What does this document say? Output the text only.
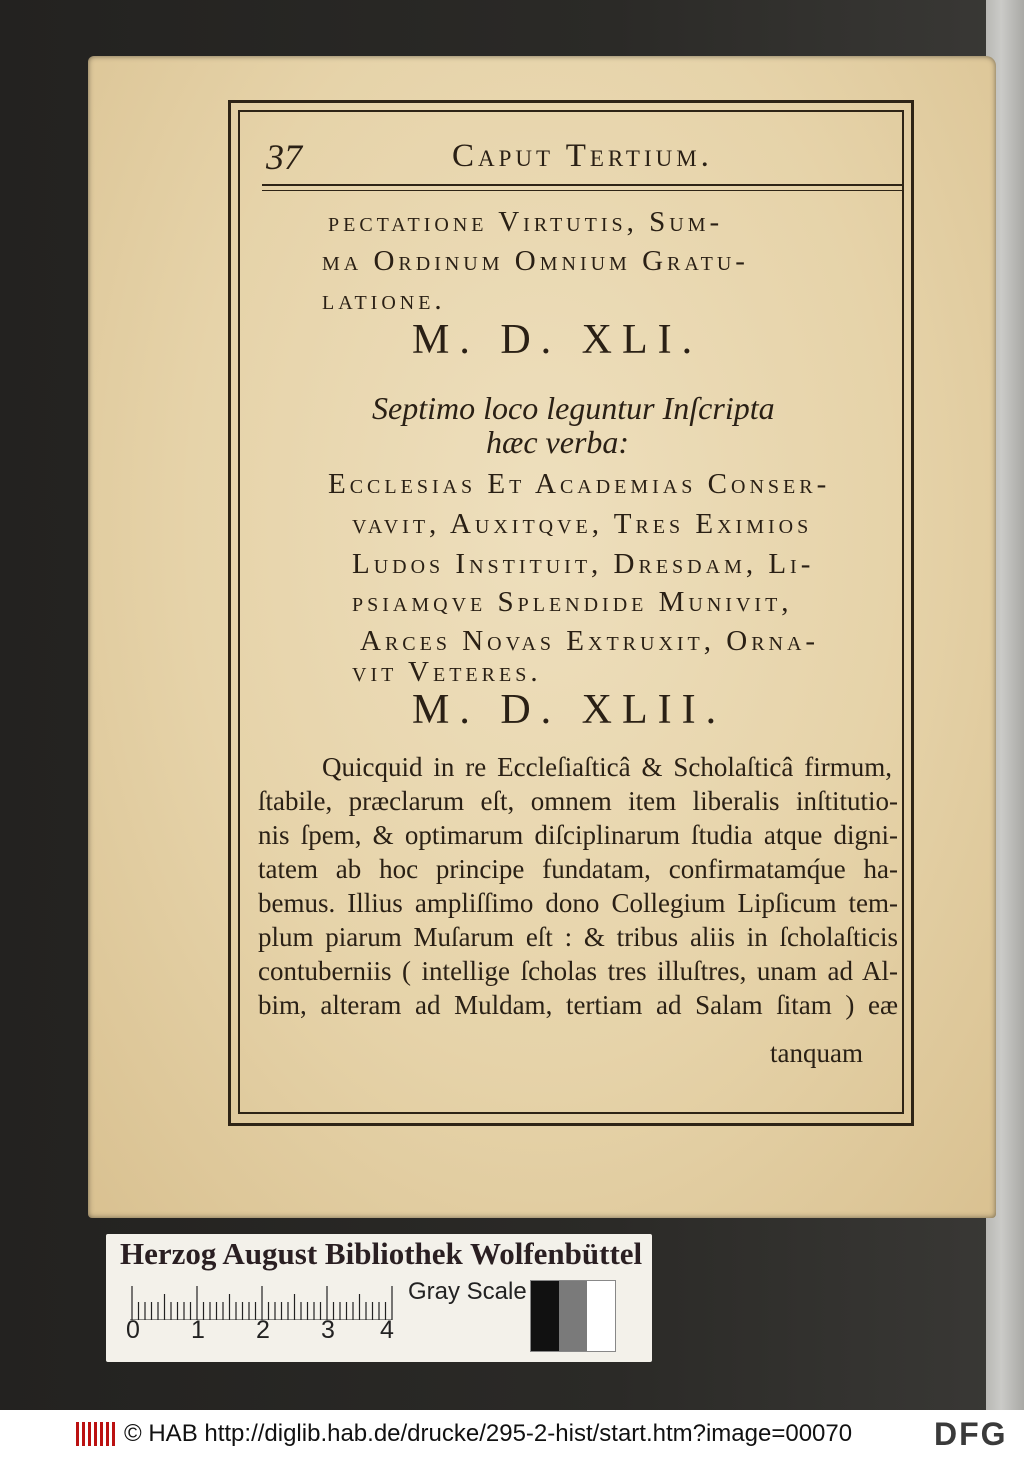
37	Caput Tertium.
pectatione Virtutis, Sum-
ma Ordinum Omnium Gratu-
latione.
M. D. XLI.
Septimo loco leguntur Inſcripta
hæc verba:
Ecclesias Et Academias Conser-
vavit, Auxitqve, Tres Eximios
Ludos Instituit, Dresdam, Li-
psiamqve Splendide Munivit,
Arces Novas Extruxit, Orna-
vit Veteres.
M. D. XLII.
Quicquid in re Eccleſiaſticâ & Scholaſticâ firmum,
ſtabile, præclarum eſt, omnem item liberalis inſtitutio-
nis ſpem, & optimarum diſciplinarum ſtudia atque digni-
tatem ab hoc principe fundatam, confirmatamq́ue ha-
bemus. Illius ampliſſimo dono Collegium Lipſicum tem-
plum piarum Muſarum eſt : & tribus aliis in ſcholaſticis
contuberniis ( intellige ſcholas tres illuſtres, unam ad Al-
bim, alteram ad Muldam, tertiam ad Salam ſitam ) eæ
tanquam
Herzog August Bibliothek Wolfenbüttel
0 1 2 3 4
Gray Scale
© HAB http://diglib.hab.de/drucke/295-2-hist/start.htm?image=00070	DFG
